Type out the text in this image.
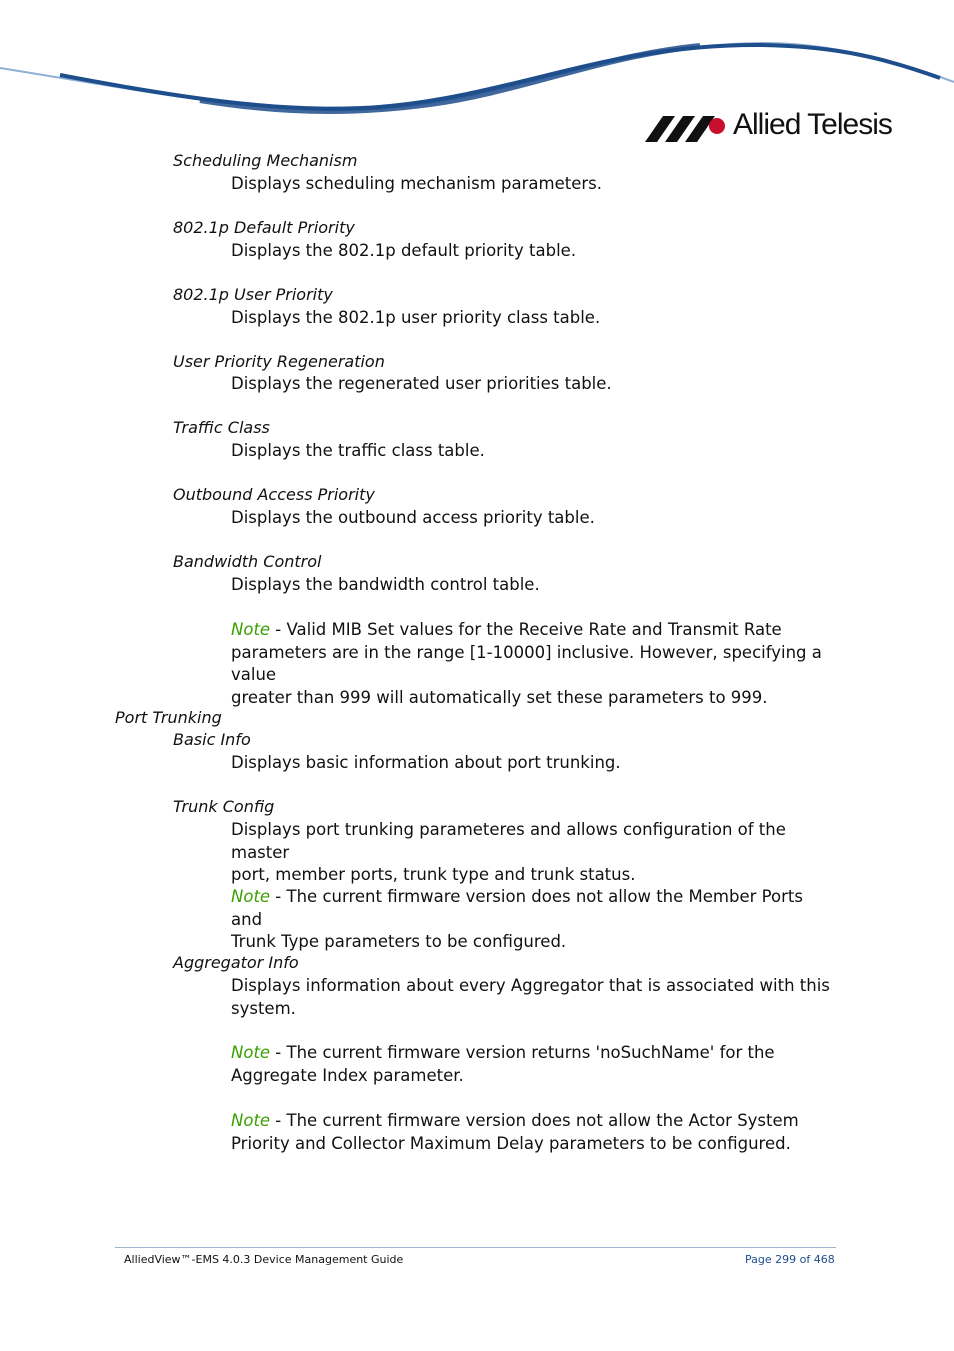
Allied Telesis
Scheduling Mechanism
Displays scheduling mechanism parameters.
802.1p Default Priority
Displays the 802.1p default priority table.
802.1p User Priority
Displays the 802.1p user priority class table.
User Priority Regeneration
Displays the regenerated user priorities table.
Traffic Class
Displays the traffic class table.
Outbound Access Priority
Displays the outbound access priority table.
Bandwidth Control
Displays the bandwidth control table.
Note - Valid MIB Set values for the Receive Rate and Transmit Rate
parameters are in the range [1-10000] inclusive. However, specifying a value
greater than 999 will automatically set these parameters to 999.
Port Trunking
Basic Info
Displays basic information about port trunking.
Trunk Config
Displays port trunking parameteres and allows configuration of the master
port, member ports, trunk type and trunk status.
Note - The current firmware version does not allow the Member Ports and
Trunk Type parameters to be configured.
Aggregator Info
Displays information about every Aggregator that is associated with this
system.
Note - The current firmware version returns 'noSuchName' for the
Aggregate Index parameter.
Note - The current firmware version does not allow the Actor System
Priority and Collector Maximum Delay parameters to be configured.
AlliedView™-EMS 4.0.3 Device Management Guide	Page 299 of 468
